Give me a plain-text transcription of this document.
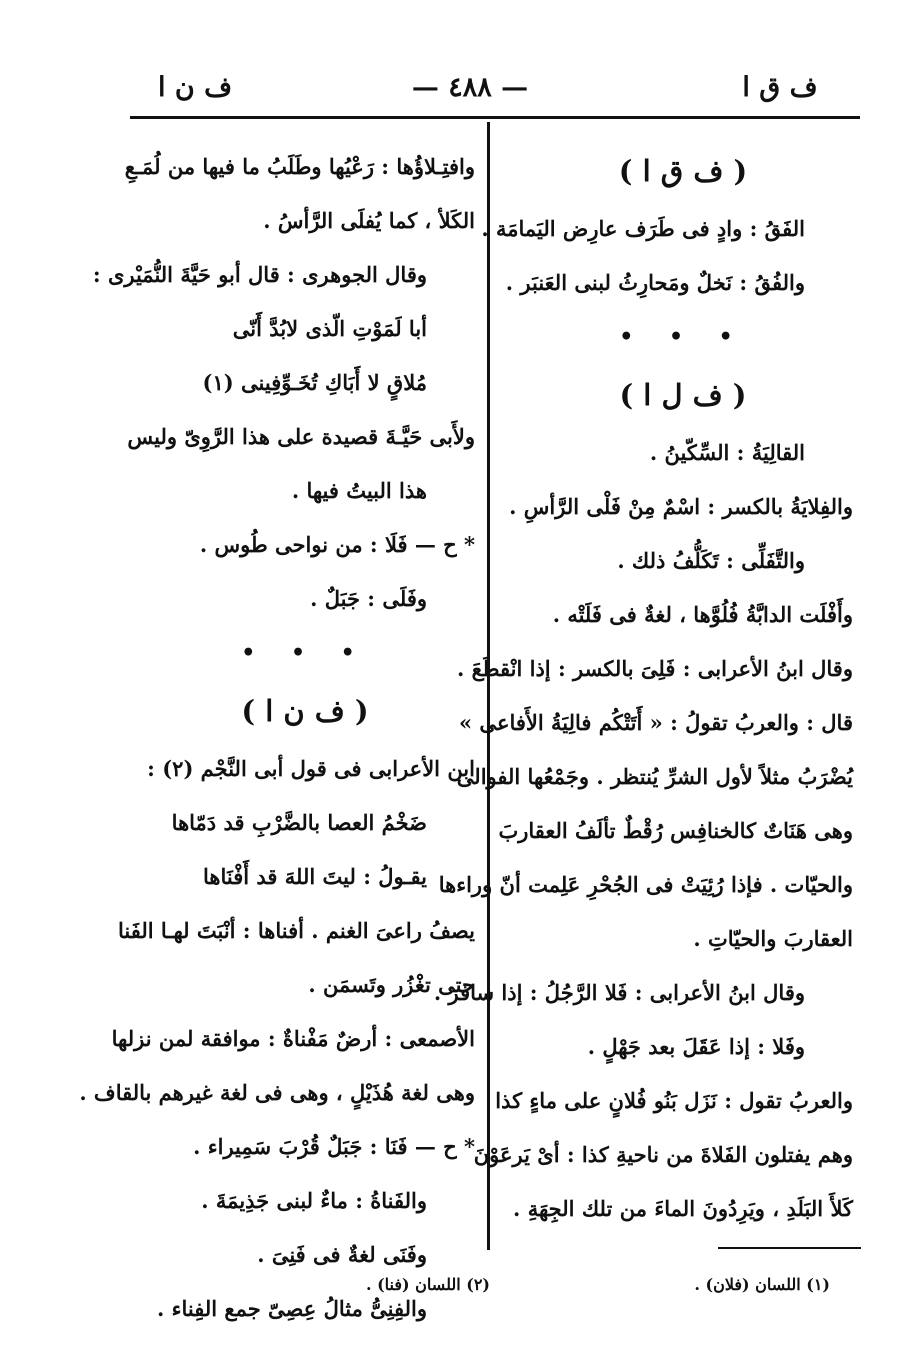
ف ق ا
— ٤٨٨ —
ف ن ا
( ف ق ا )
الفَقُ : وادٍ فى طَرَف عارِض اليَمامَة .
والفُقُ : نَخلٌ ومَحارِثُ لبنى العَنبَر .
• • •
( ف ل ا )
القالِيَةُ : السِّكّينُ .
والفِلايَةُ بالكسر : اسْمٌ مِنْ فَلْى الرَّأسِ .
والتَّفَلِّى : تَكَلُّفُ ذلك .
وأَفْلَت الدابَّةُ فُلُوَّها ، لغةٌ فى فَلَتْه .
وقال ابنُ الأعرابى : فَلِىَ بالكسر : إذا انْقطَعَ .
قال : والعربُ تقولُ : « أَتَتْكُم فالِيَةُ الأَفاعى »
يُضْرَبُ مثلاً لأول الشرِّ يُنتظر . وجَمْعُها الفوالى
وهى هَنَاتٌ كالخنافِس رُقْطٌ تألَفُ العقاربَ
والحيّات . فإذا رُئِيَتْ فى الجُحْرِ عَلِمت أنّ وراءها
العقاربَ والحيّاتِ .
وقال ابنُ الأعرابى : فَلا الرَّجُلُ : إذا سافرَ .
وفَلا : إذا عَقَلَ بعد جَهْلٍ .
والعربُ تقول : نَزَل بَنُو فُلانٍ على ماءٍ كذا
وهم يفتلون الفَلاةَ من ناحيةِ كذا : أىْ يَرعَوْنَ
كَلأَ البَلَدِ ، ويَرِدُونَ الماءَ من تلك الجِهَةِ .
وافتِـلاؤُها : رَعْيُها وطَلَبُ ما فيها من لُمَـعِ
الكَلأ ، كما يُفلَى الرَّأسُ .
وقال الجوهرى : قال أبو حَيَّةَ النُّمَيْرى :
أبا لَمَوْتِ الّذى لابُدَّ أَنّى
مُلاقٍ لا أَبَاكِ تُخَـوِّفِينى (١)
ولأَبى حَيَّـةَ قصيدة على هذا الرَّوِىّ وليس
هذا البيتُ فيها .
* ح — فَلَا : من نواحى طُوس .
وفَلَى : جَبَلٌ .
• • •
( ف ن ا )
ابن الأعرابى فى قول أبى النَّجْم (٢) :
ضَخْمُ العصا بالضَّرْبِ قد دَمّاها
يقـولُ : ليتَ اللهَ قد أَفْنَاها
يصفُ راعىَ الغنم . أفناها : أنْبَتَ لهـا الفَنا
حتى تغْزُر وتَسمَن .
الأصمعى : أرضٌ مَفْناةٌ : موافقة لمن نزلها
وهى لغة هُذَيْلٍ ، وهى فى لغة غيرهم بالقاف .
* ح — فَنَا : جَبَلٌ قُرْبَ سَمِيراء .
والفَناةُ : ماءٌ لبنى جَذِيمَةَ .
وفَنَى لغةٌ فى فَنِىَ .
والفِنِىُّ مثالُ عِصِىّ جمع الفِناء .
(١) اللسان (فلان) .
(٢) اللسان (فنا) .
